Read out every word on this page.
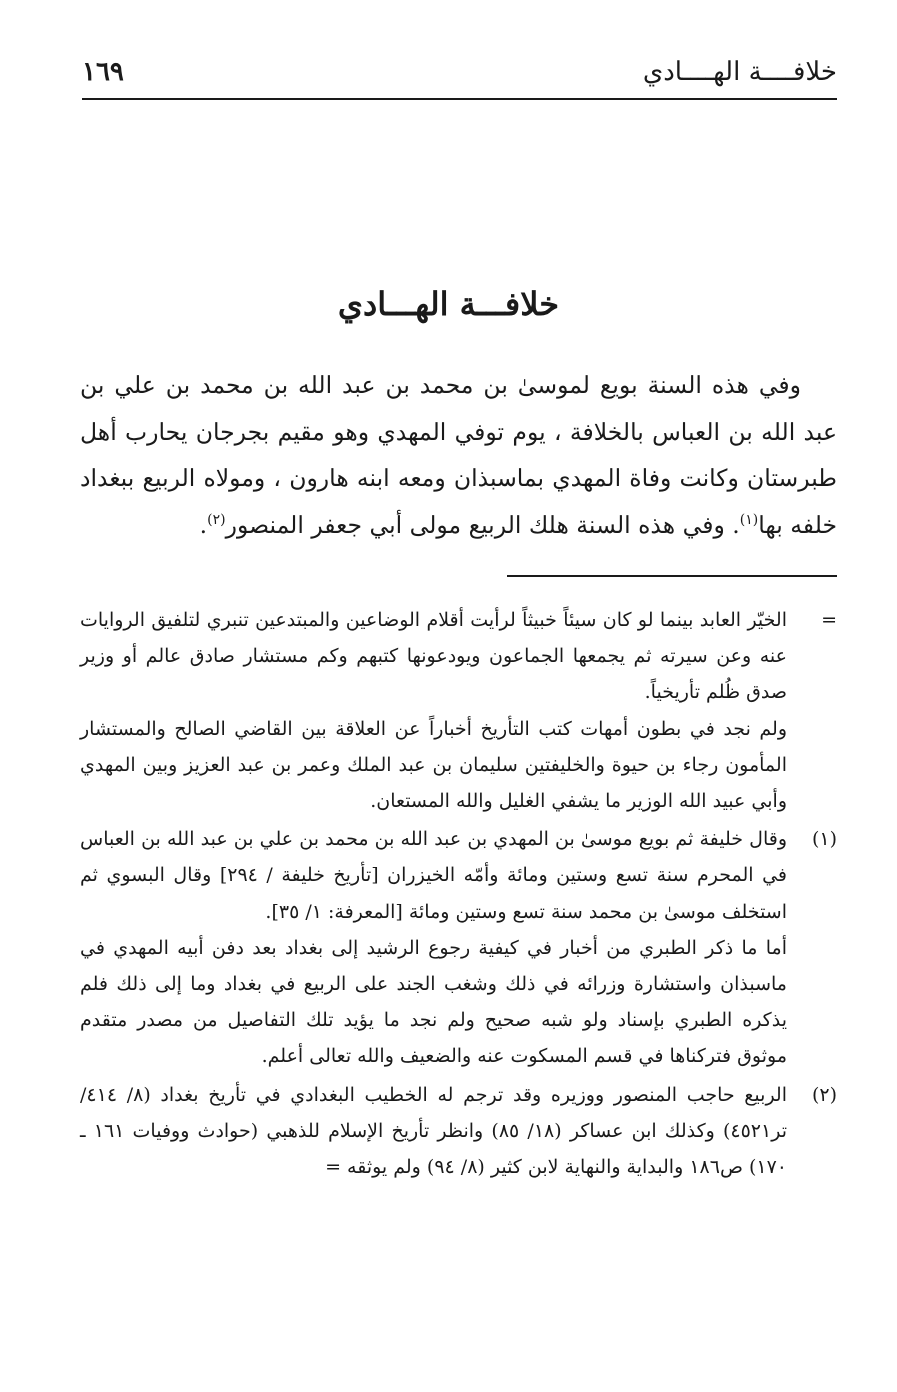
خلافــــة الهــــادي
١٦٩
خلافـــة الهـــادي

وفي هذه السنة بويع لموسىٰ بن محمد بن عبد الله بن محمد بن علي بن عبد الله بن العباس بالخلافة ، يوم توفي المهدي وهو مقيم بجرجان يحارب أهل طبرستان وكانت وفاة المهدي بماسبذان ومعه ابنه هارون ، ومولاه الربيع ببغداد خلفه بها$^{(١)}$. وفي هذه السنة هلك الربيع مولى أبي جعفر المنصور$^{(٢)}$.

=

الخيّر العابد بينما لو كان سيئاً خبيثاً لرأيت أقلام الوضاعين والمبتدعين تنبري لتلفيق الروايات عنه وعن سيرته ثم يجمعها الجماعون ويودعونها كتبهم وكم مستشار صادق عالم أو وزير صدق ظُلم تأريخياً.

ولم نجد في بطون أمهات كتب التأريخ أخباراً عن العلاقة بين القاضي الصالح والمستشار المأمون رجاء بن حيوة والخليفتين سليمان بن عبد الملك وعمر بن عبد العزيز وبين المهدي وأبي عبيد الله الوزير ما يشفي الغليل والله المستعان.

(١)

وقال خليفة ثم بويع موسىٰ بن المهدي بن عبد الله بن محمد بن علي بن عبد الله بن العباس في المحرم سنة تسع وستين ومائة وأمّه الخيزران [تأريخ خليفة / ٢٩٤] وقال البسوي ثم استخلف موسىٰ بن محمد سنة تسع وستين ومائة [المعرفة: ١/ ٣٥].

أما ما ذكر الطبري من أخبار في كيفية رجوع الرشيد إلى بغداد بعد دفن أبيه المهدي في ماسبذان واستشارة وزرائه في ذلك وشغب الجند على الربيع في بغداد وما إلى ذلك فلم يذكره الطبري بإسناد ولو شبه صحيح ولم نجد ما يؤيد تلك التفاصيل من مصدر متقدم موثوق فتركناها في قسم المسكوت عنه والضعيف والله تعالى أعلم.

(٢)

الربيع حاجب المنصور ووزيره وقد ترجم له الخطيب البغدادي في تأريخ بغداد (٨/ ٤١٤/ تر٤٥٢١) وكذلك ابن عساكر (١٨/ ٨٥) وانظر تأريخ الإسلام للذهبي (حوادث ووفيات ١٦١ ـ ١٧٠) ص١٨٦ والبداية والنهاية لابن كثير (٨/ ٩٤) ولم يوثقه =
